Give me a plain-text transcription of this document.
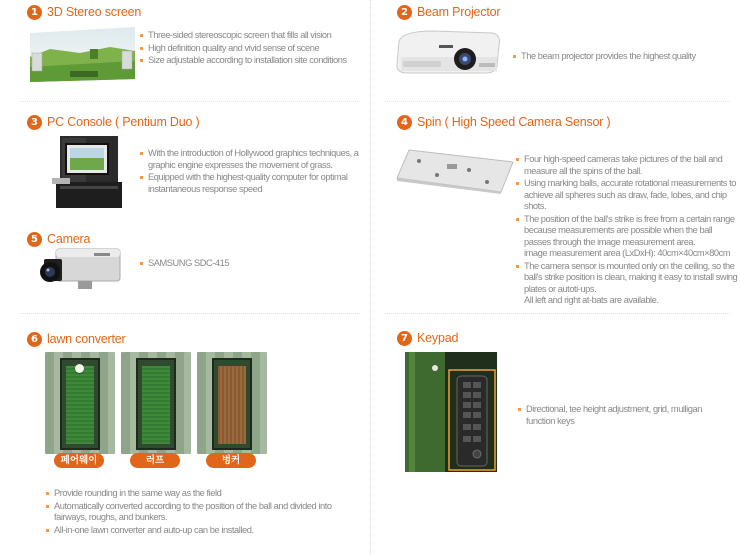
1 3D Stereo screen
Three-sided stereoscopic screen that fills all vision
High definition quality and vivid sense of scene
Size adjustable according to installation site conditions
2 Beam Projector
The beam projector provides the highest quality
3 PC Console ( Pentium Duo )
With the introduction of Hollywood graphics techniques, a graphic engine expresses the movement of grass.
Equipped with the highest-quality computer for optimal instantaneous response speed
4 Spin ( High Speed Camera Sensor )
Four high-speed cameras take pictures of the ball and measure all the spins of the ball.
Using marking balls, accurate rotational measurements to achieve all spheres such as draw, fade, lobes, and chip shots.
The position of the ball's strike is free from a certain range because measurements are possible when the ball passes through the image measurement area.
image measurement area (LxDxH): 40cm×40cm×80cm
The camera sensor is mounted only on the ceiling, so the ball's strike position is clean, making it easy to install swing plates or autoti-ups.
All left and right at-bats are available.
5 Camera
SAMSUNG SDC-415
6 lawn converter
페어웨이	러프	벙커
Provide rounding in the same way as the field
Automatically converted according to the position of the ball and divided into fairways, roughs, and bunkers.
All-in-one lawn converter and auto-up can be installed.
7 Keypad
Directional, tee height adjustment, grid, mulligan function keys
